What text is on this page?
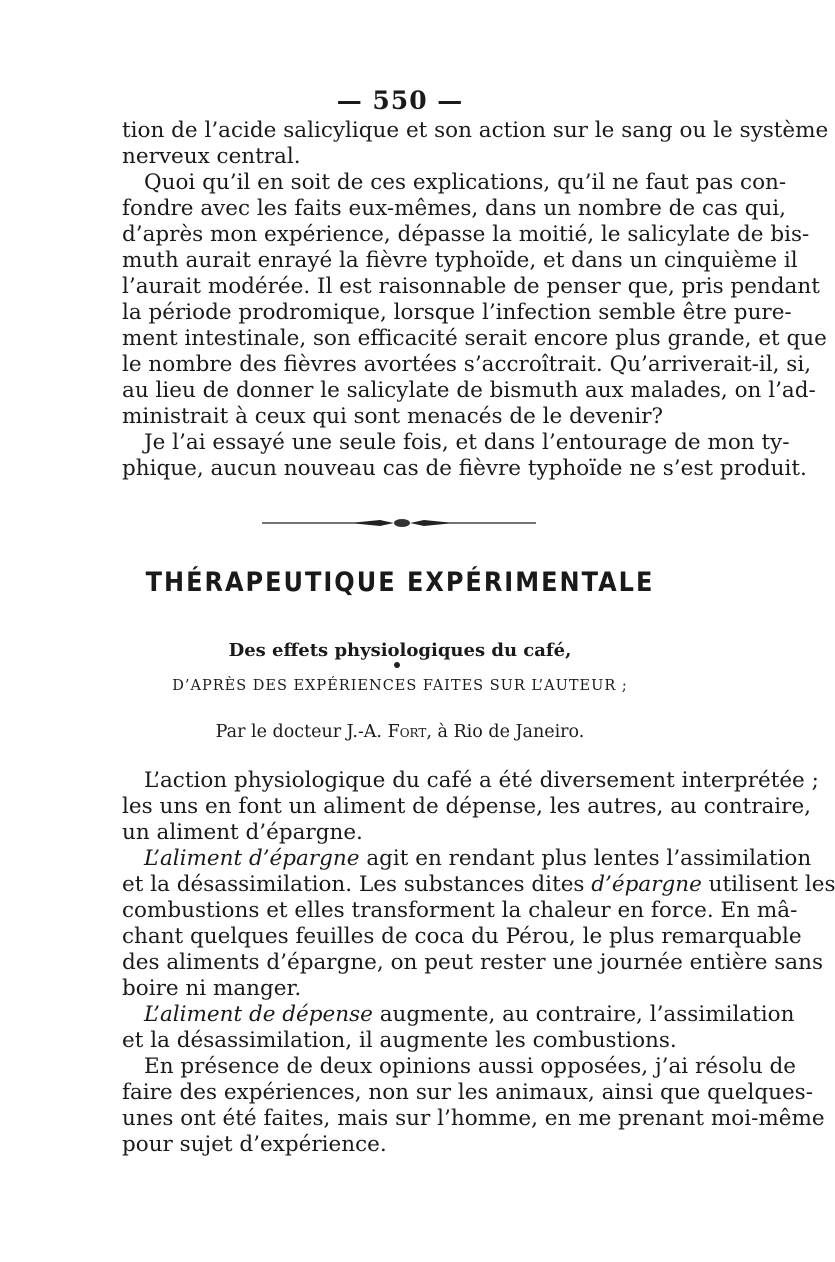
— 550 —

tion de l’acide salicylique et son action sur le sang ou le système
nerveux central.

Quoi qu’il en soit de ces explications, qu’il ne faut pas con-
fondre avec les faits eux-mêmes, dans un nombre de cas qui,
d’après mon expérience, dépasse la moitié, le salicylate de bis-
muth aurait enrayé la fièvre typhoïde, et dans un cinquième il
l’aurait modérée. Il est raisonnable de penser que, pris pendant
la période prodromique, lorsque l’infection semble être pure-
ment intestinale, son efficacité serait encore plus grande, et que
le nombre des fièvres avortées s’accroîtrait. Qu’arriverait-il, si,
au lieu de donner le salicylate de bismuth aux malades, on l’ad-
ministrait à ceux qui sont menacés de le devenir?

Je l’ai essayé une seule fois, et dans l’entourage de mon ty-
phique, aucun nouveau cas de fièvre typhoïde ne s’est produit.

THÉRAPEUTIQUE EXPÉRIMENTALE
Des effets physiologiques du café,
D’APRÈS DES EXPÉRIENCES FAITES SUR L’AUTEUR ;
Par le docteur J.-A. Fort, à Rio de Janeiro.

L’action physiologique du café a été diversement interprétée ;
les uns en font un aliment de dépense, les autres, au contraire,
un aliment d’épargne.

L’aliment d’épargne agit en rendant plus lentes l’assimilation
et la désassimilation. Les substances dites d’épargne utilisent les
combustions et elles transforment la chaleur en force. En mâ-
chant quelques feuilles de coca du Pérou, le plus remarquable
des aliments d’épargne, on peut rester une journée entière sans
boire ni manger.

L’aliment de dépense augmente, au contraire, l’assimilation
et la désassimilation, il augmente les combustions.

En présence de deux opinions aussi opposées, j’ai résolu de
faire des expériences, non sur les animaux, ainsi que quelques-
unes ont été faites, mais sur l’homme, en me prenant moi-même
pour sujet d’expérience.
